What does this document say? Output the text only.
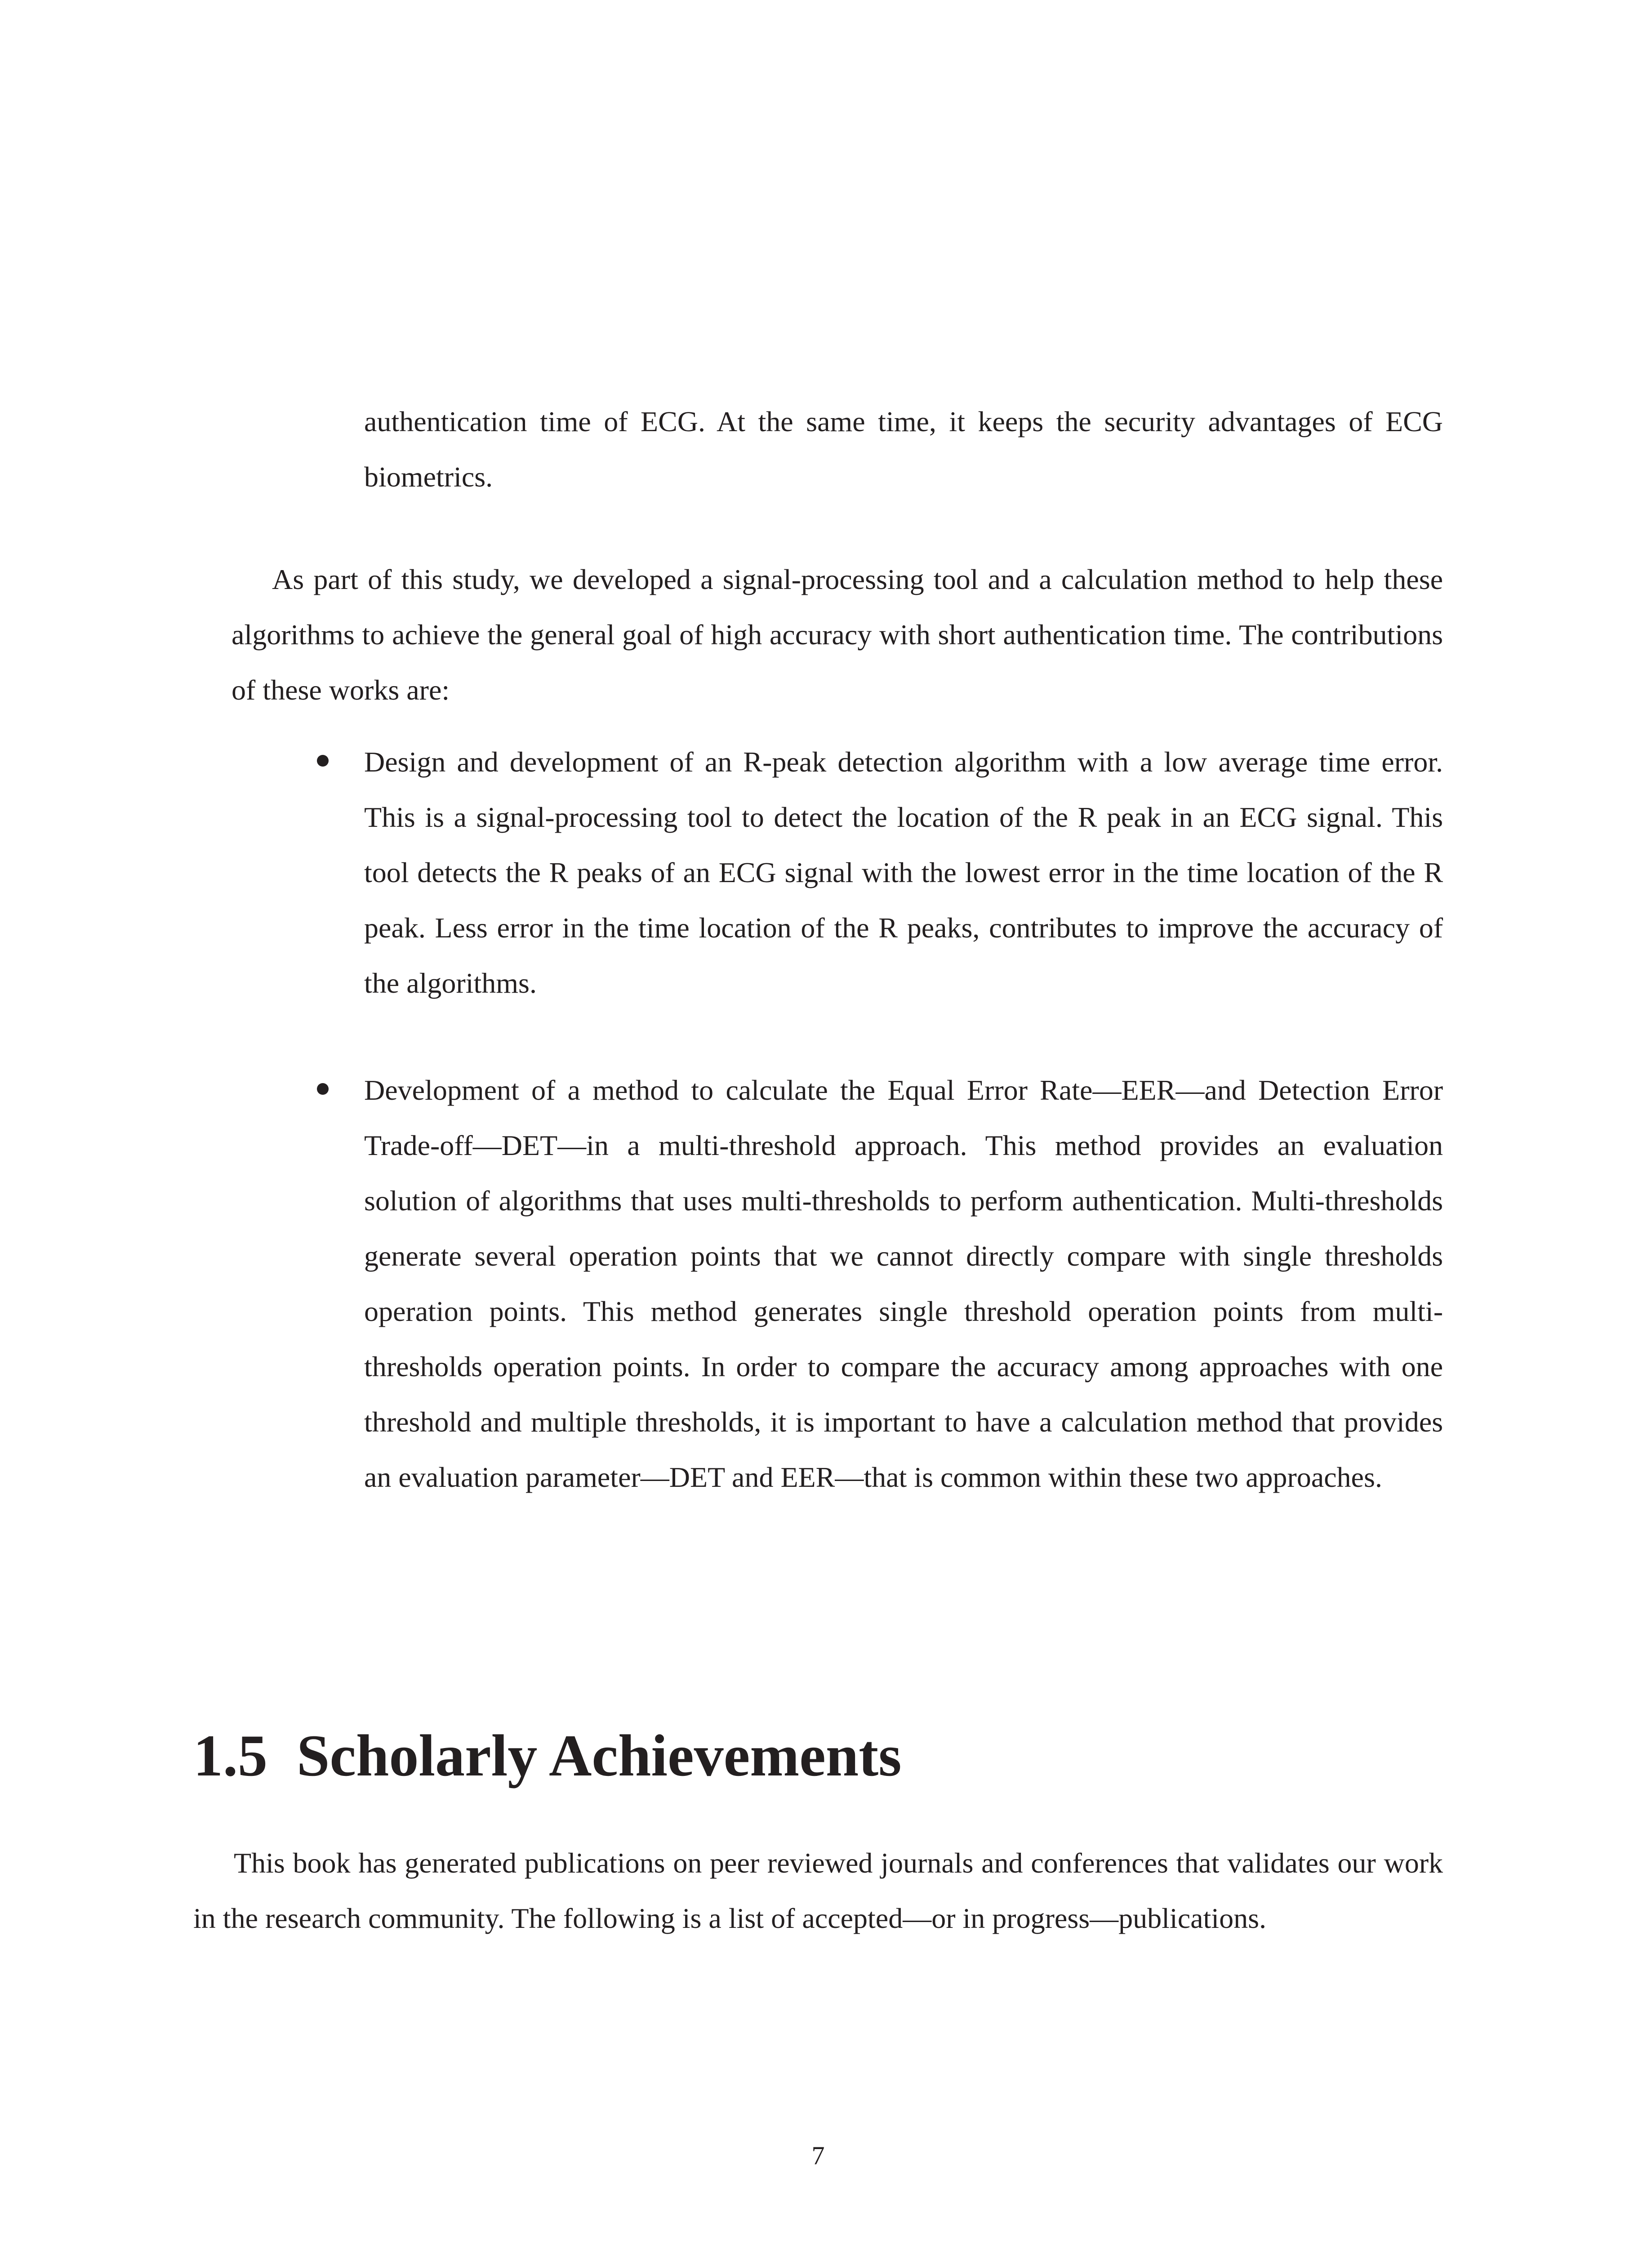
authentication time of ECG. At the same time, it keeps the security advantages of ECG biometrics.

As part of this study, we developed a signal-processing tool and a calculation method to help these algorithms to achieve the general goal of high accuracy with short authentication time. The contributions of these works are:

Design and development of an R-peak detection algorithm with a low average time error. This is a signal-processing tool to detect the location of the R peak in an ECG signal. This tool detects the R peaks of an ECG signal with the lowest error in the time location of the R peak. Less error in the time location of the R peaks, contributes to improve the accuracy of the algorithms.
Development of a method to calculate the Equal Error Rate—EER—and Detection Error Trade-off—DET—in a multi-threshold approach. This method provides an evaluation solution of algorithms that uses multi-thresholds to perform authentication. Multi-thresholds generate several operation points that we cannot directly compare with single thresholds operation points. This method generates single threshold operation points from multi-thresholds operation points. In order to compare the accuracy among approaches with one threshold and multiple thresholds, it is important to have a calculation method that provides an evaluation parameter—DET and EER—that is common within these two approaches.
1.5 Scholarly Achievements

This book has generated publications on peer reviewed journals and conferences that validates our work in the research community. The following is a list of accepted—or in progress—publications.

7
